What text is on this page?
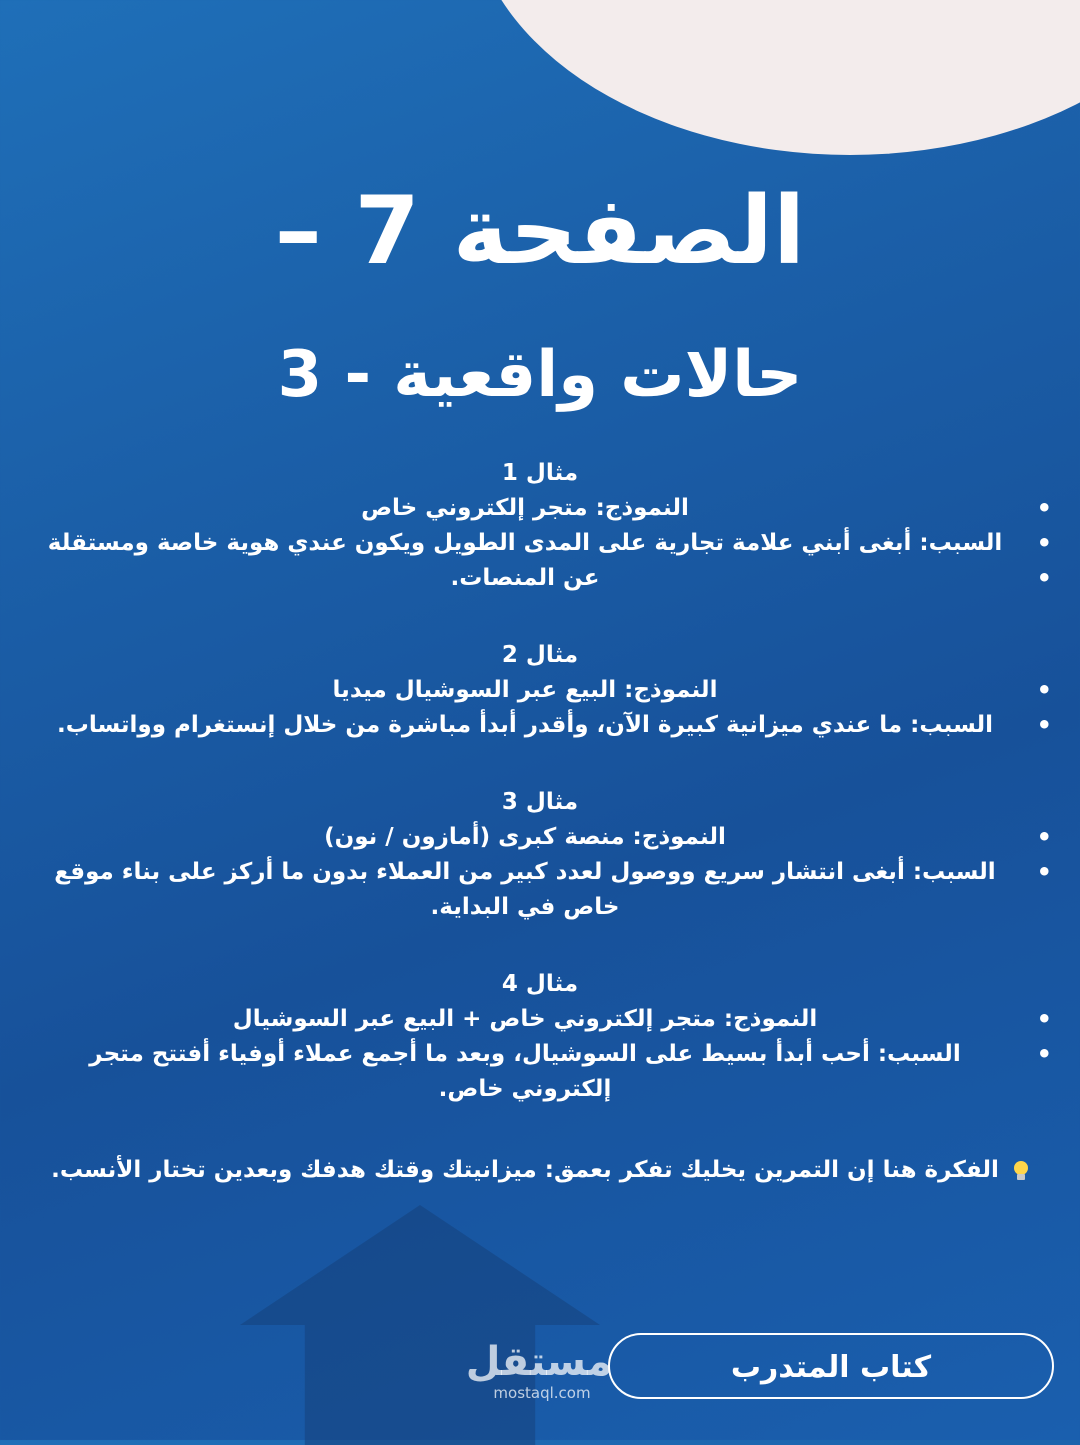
الصفحة 7 –
حالات واقعية - 3
مثال 1
• النموذج: متجر إلكتروني خاص
• السبب: أبغى أبني علامة تجارية على المدى الطويل ويكون عندي هوية خاصة ومستقلة
• عن المنصات.
مثال 2
• النموذج: البيع عبر السوشيال ميديا
• السبب: ما عندي ميزانية كبيرة الآن، وأقدر أبدأ مباشرة من خلال إنستغرام وواتساب.
مثال 3
• النموذج: منصة كبرى (أمازون / نون)
• السبب: أبغى انتشار سريع ووصول لعدد كبير من العملاء بدون ما أركز على بناء موقع خاص في البداية.
مثال 4
• النموذج: متجر إلكتروني خاص + البيع عبر السوشيال
• السبب: أحب أبدأ بسيط على السوشيال، وبعد ما أجمع عملاء أوفياء أفتتح متجر إلكتروني خاص.
الفكرة هنا إن التمرين يخليك تفكر بعمق: ميزانيتك وقتك هدفك وبعدين تختار الأنسب.
مستقل
mostaql.com
كتاب المتدرب
